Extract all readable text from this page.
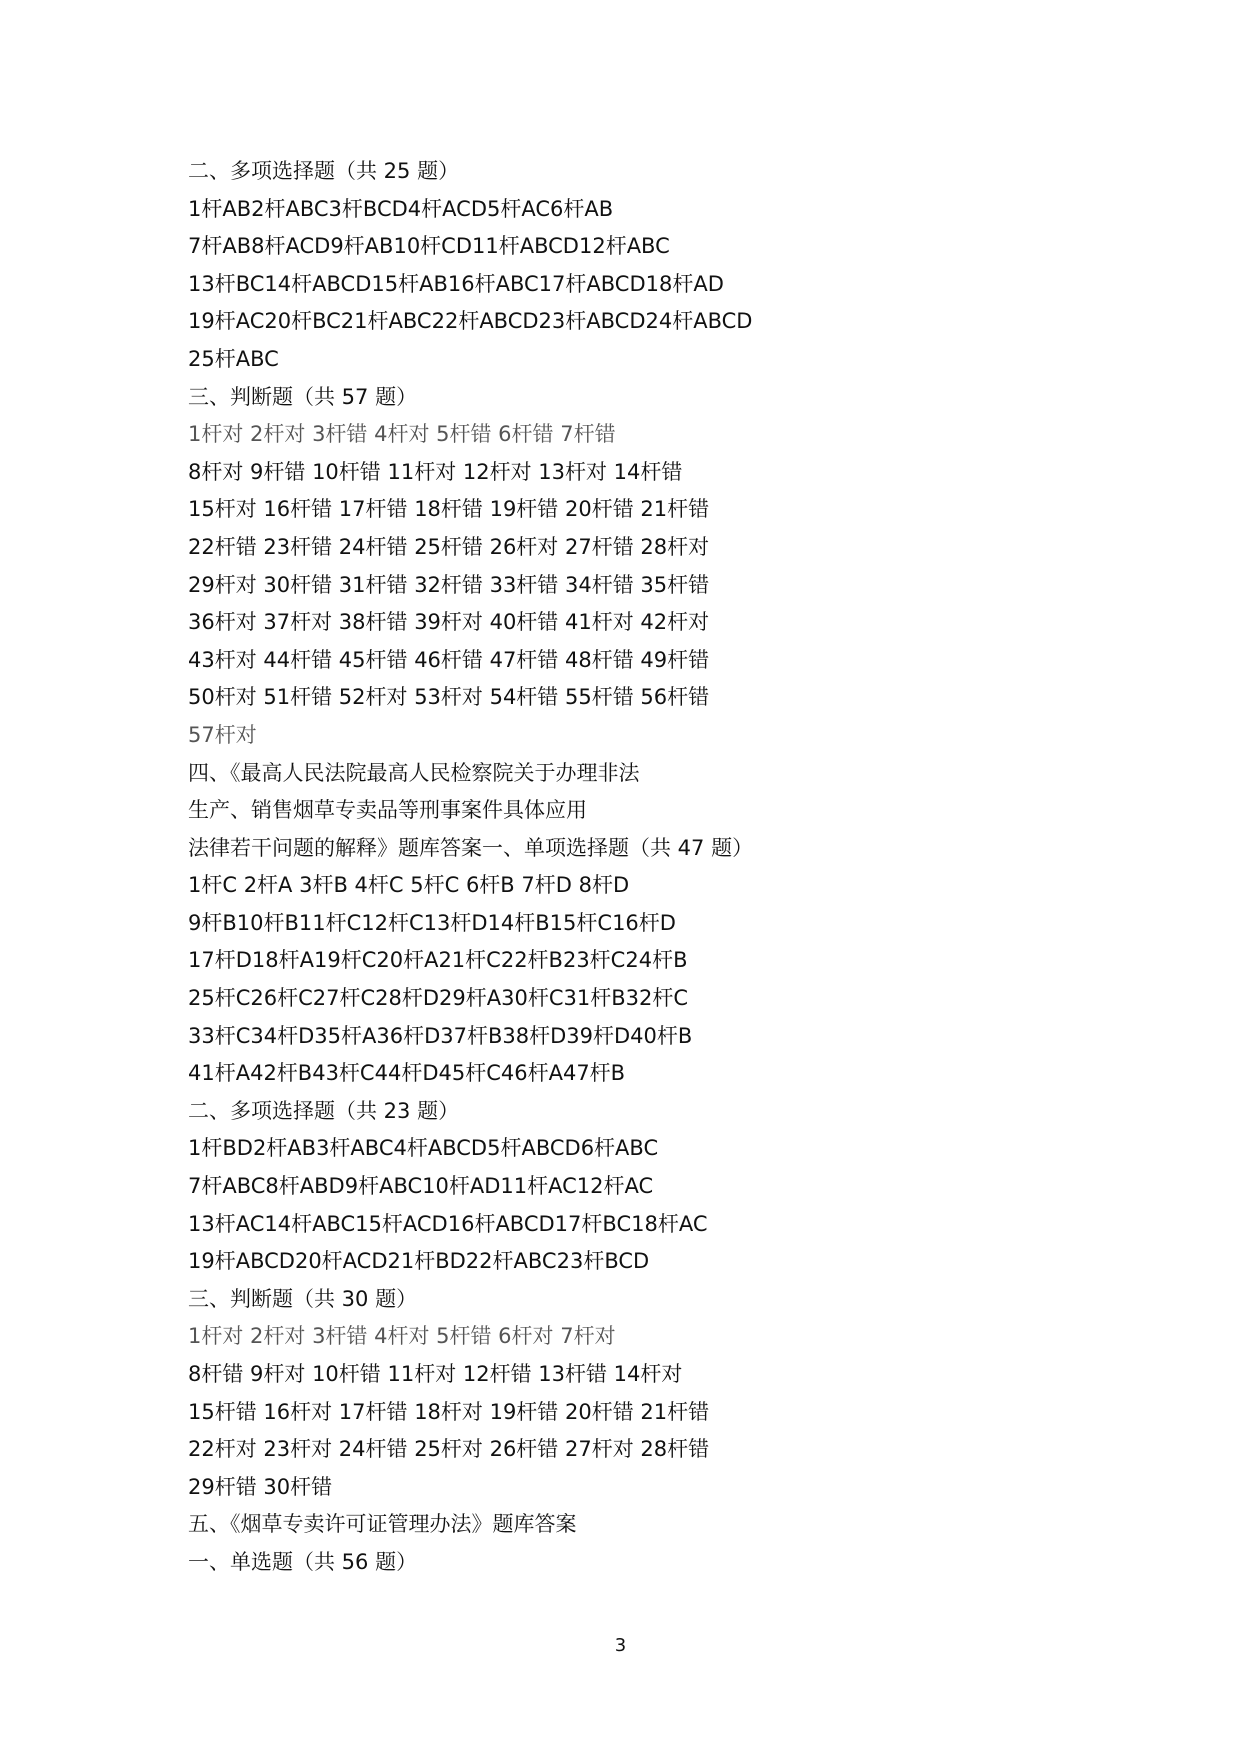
二、多项选择题（共 25 题）
1杆AB2杆ABC3杆BCD4杆ACD5杆AC6杆AB
7杆AB8杆ACD9杆AB10杆CD11杆ABCD12杆ABC
13杆BC14杆ABCD15杆AB16杆ABC17杆ABCD18杆AD
19杆AC20杆BC21杆ABC22杆ABCD23杆ABCD24杆ABCD
25杆ABC
三、判断题（共 57 题）
1杆对 2杆对 3杆错 4杆对 5杆错 6杆错 7杆错
8杆对 9杆错 10杆错 11杆对 12杆对 13杆对 14杆错
15杆对 16杆错 17杆错 18杆错 19杆错 20杆错 21杆错
22杆错 23杆错 24杆错 25杆错 26杆对 27杆错 28杆对
29杆对 30杆错 31杆错 32杆错 33杆错 34杆错 35杆错
36杆对 37杆对 38杆错 39杆对 40杆错 41杆对 42杆对
43杆对 44杆错 45杆错 46杆错 47杆错 48杆错 49杆错
50杆对 51杆错 52杆对 53杆对 54杆错 55杆错 56杆错
57杆对
四、《最高人民法院最高人民检察院关于办理非法
生产、销售烟草专卖品等刑事案件具体应用
法律若干问题的解释》题库答案一、单项选择题（共 47 题）
1杆C 2杆A 3杆B 4杆C 5杆C 6杆B 7杆D 8杆D
9杆B10杆B11杆C12杆C13杆D14杆B15杆C16杆D
17杆D18杆A19杆C20杆A21杆C22杆B23杆C24杆B
25杆C26杆C27杆C28杆D29杆A30杆C31杆B32杆C
33杆C34杆D35杆A36杆D37杆B38杆D39杆D40杆B
41杆A42杆B43杆C44杆D45杆C46杆A47杆B
二、多项选择题（共 23 题）
1杆BD2杆AB3杆ABC4杆ABCD5杆ABCD6杆ABC
7杆ABC8杆ABD9杆ABC10杆AD11杆AC12杆AC
13杆AC14杆ABC15杆ACD16杆ABCD17杆BC18杆AC
19杆ABCD20杆ACD21杆BD22杆ABC23杆BCD
三、判断题（共 30 题）
1杆对 2杆对 3杆错 4杆对 5杆错 6杆对 7杆对
8杆错 9杆对 10杆错 11杆对 12杆错 13杆错 14杆对
15杆错 16杆对 17杆错 18杆对 19杆错 20杆错 21杆错
22杆对 23杆对 24杆错 25杆对 26杆错 27杆对 28杆错
29杆错 30杆错
五、《烟草专卖许可证管理办法》题库答案
一、单选题（共 56 题）
3
